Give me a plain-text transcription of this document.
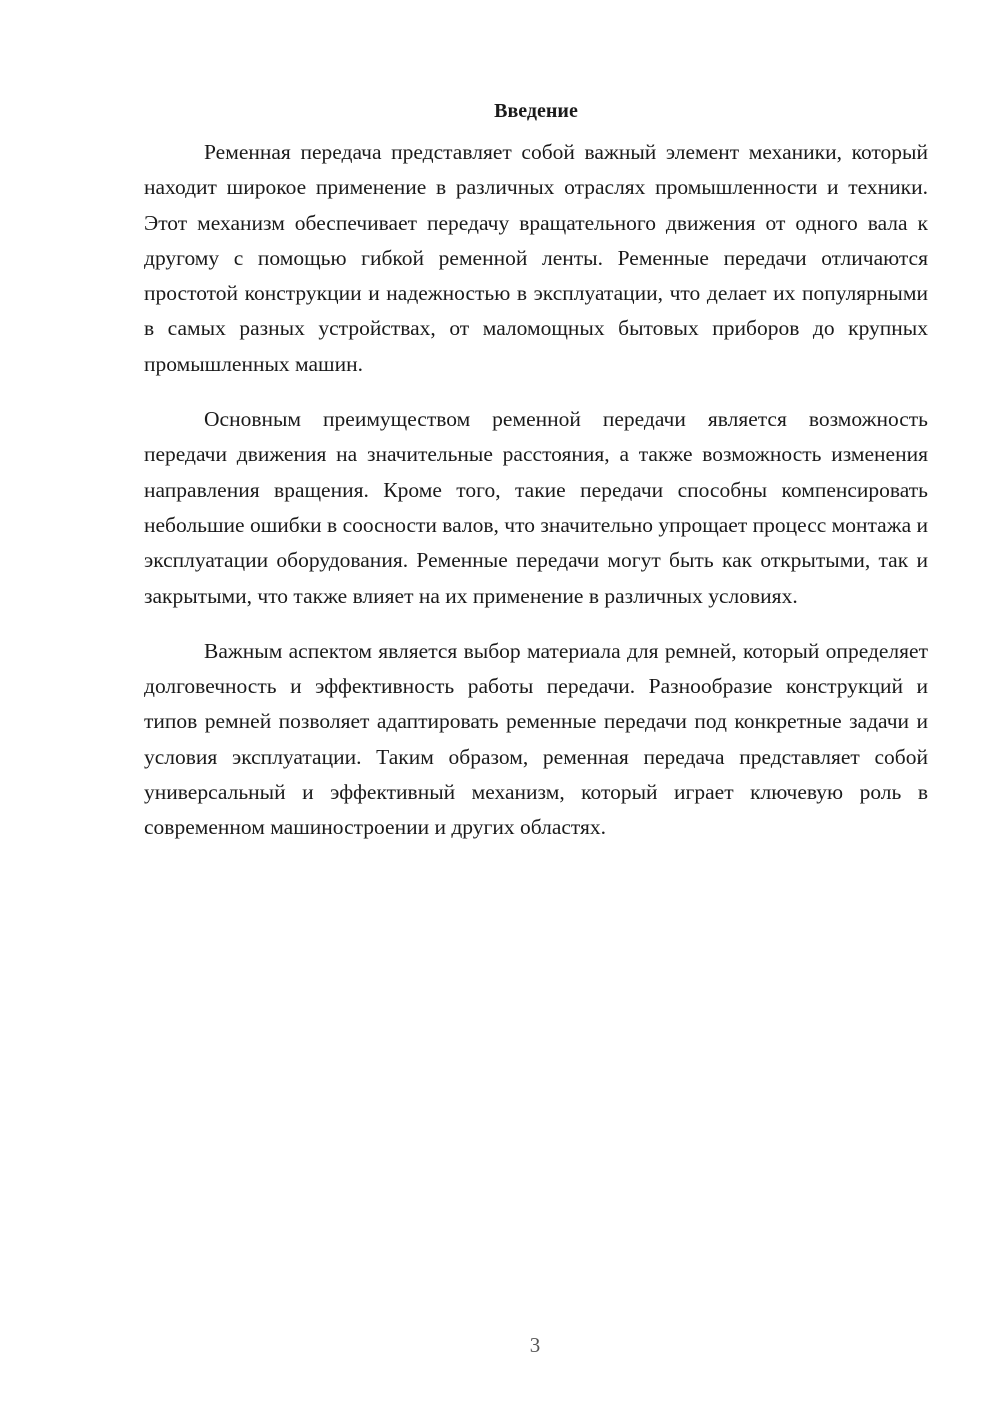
Введение

Ременная передача представляет собой важный элемент механики, который находит широкое применение в различных отраслях промышленности и техники. Этот механизм обеспечивает передачу вращательного движения от одного вала к другому с помощью гибкой ременной ленты. Ременные передачи отличаются простотой конструкции и надежностью в эксплуатации, что делает их популярными в самых разных устройствах, от маломощных бытовых приборов до крупных промышленных машин.

Основным преимуществом ременной передачи является возможность передачи движения на значительные расстояния, а также возможность изменения направления вращения. Кроме того, такие передачи способны компенсировать небольшие ошибки в соосности валов, что значительно упрощает процесс монтажа и эксплуатации оборудования. Ременные передачи могут быть как открытыми, так и закрытыми, что также влияет на их применение в различных условиях.

Важным аспектом является выбор материала для ремней, который определяет долговечность и эффективность работы передачи. Разнообразие конструкций и типов ремней позволяет адаптировать ременные передачи под конкретные задачи и условия эксплуатации. Таким образом, ременная передача представляет собой универсальный и эффективный механизм, который играет ключевую роль в современном машиностроении и других областях.

3
